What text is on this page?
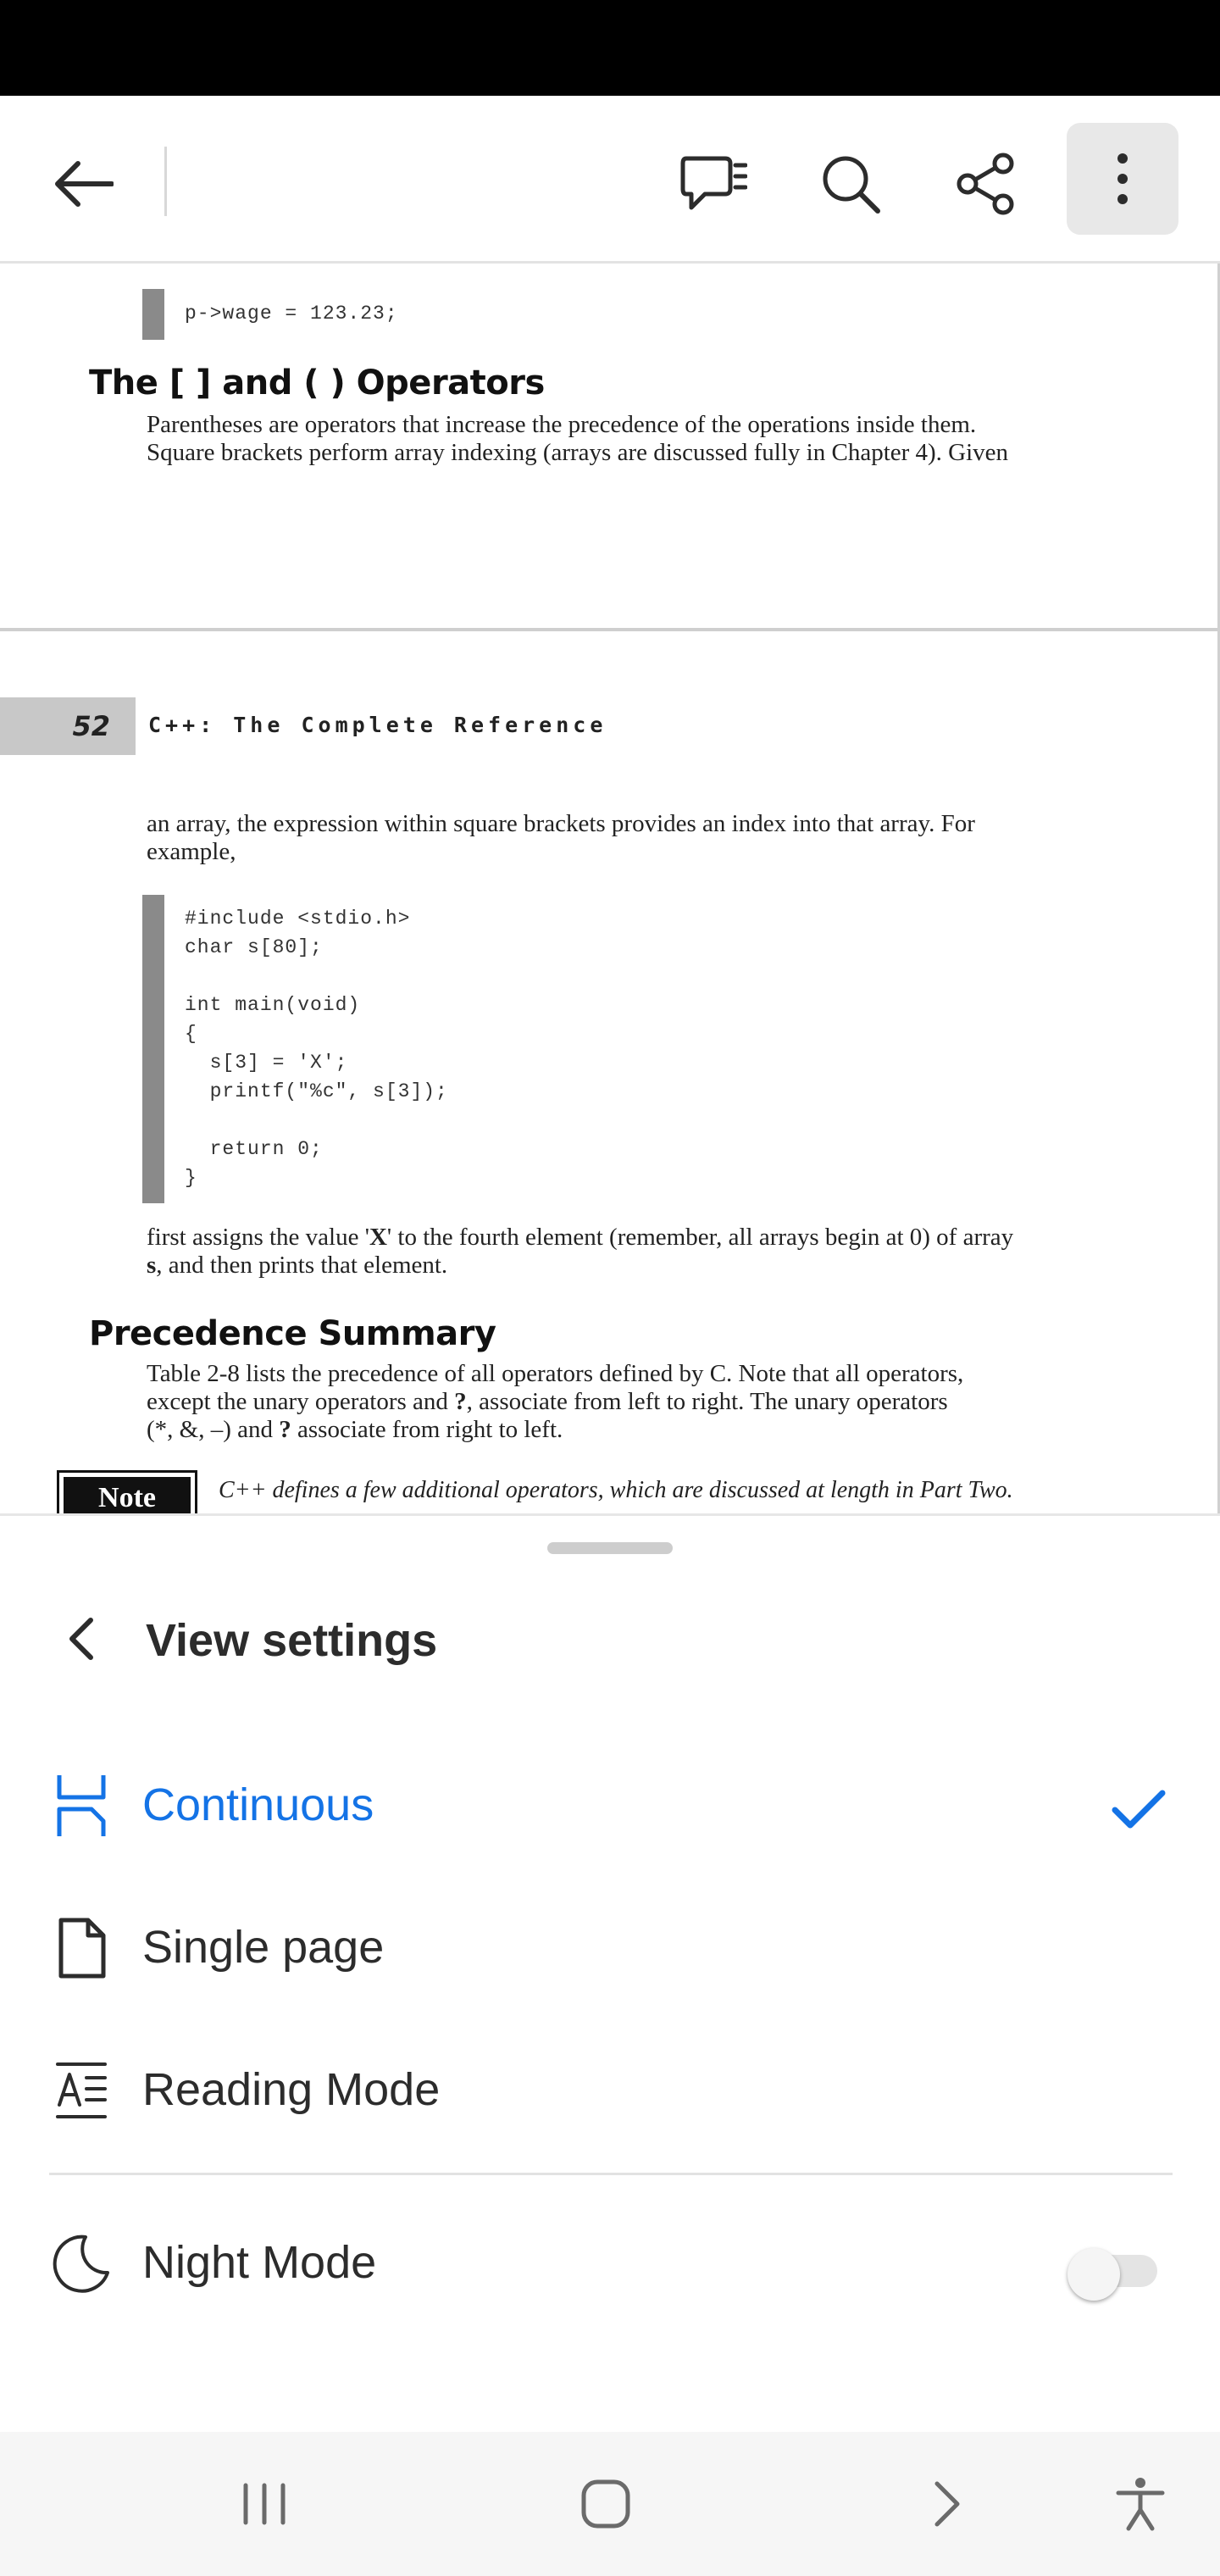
p->wage = 123.23;
The [ ] and ( ) Operators
Parentheses are operators that increase the precedence of the operations inside them.
Square brackets perform array indexing (arrays are discussed fully in Chapter 4). Given
52	C++: The Complete Reference
an array, the expression within square brackets provides an index into that array. For
example,
#include <stdio.h>
char s[80];
int main(void)
{
s[3] = 'X';
printf("%c", s[3]);
return 0;
}
first assigns the value 'X' to the fourth element (remember, all arrays begin at 0) of array
s, and then prints that element.
Precedence Summary
Table 2-8 lists the precedence of all operators defined by C. Note that all operators,
except the unary operators and ?, associate from left to right. The unary operators
(*, &, –) and ? associate from right to left.
Note	C++ defines a few additional operators, which are discussed at length in Part Two.
View settings
Continuous
Single page
Reading Mode
Night Mode
